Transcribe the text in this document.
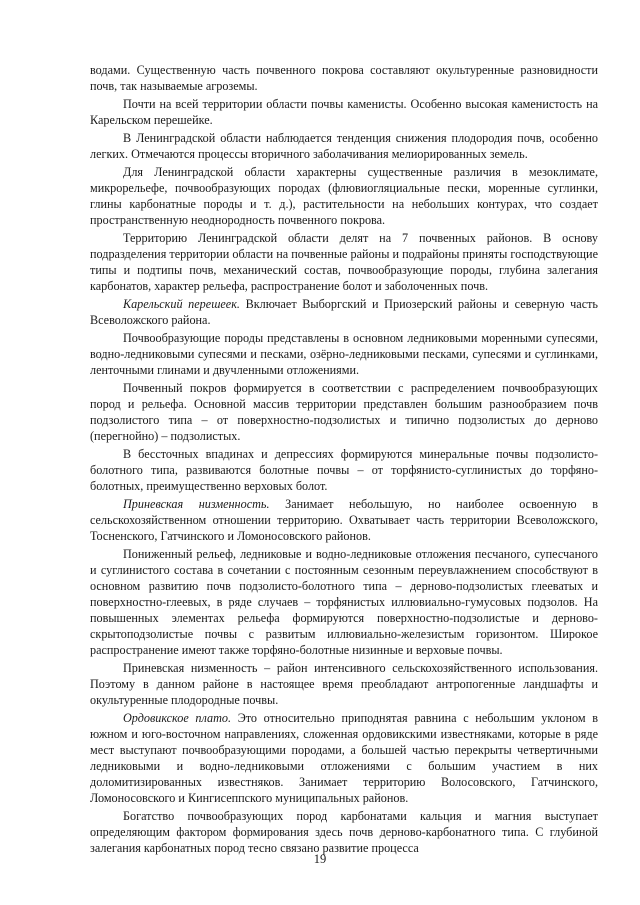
водами. Существенную часть почвенного покрова составляют окультуренные разновидности почв, так называемые агроземы.

Почти на всей территории области почвы каменисты. Особенно высокая каменистость на Карельском перешейке.

В Ленинградской области наблюдается тенденция снижения плодородия почв, особенно легких. Отмечаются процессы вторичного заболачивания мелиорированных земель.

Для Ленинградской области характерны существенные различия в мезоклимате, микрорельефе, почвообразующих породах (флювиогляциальные пески, моренные суглинки, глины карбонатные породы и т. д.), растительности на небольших контурах, что создает пространственную неоднородность почвенного покрова.

Территорию Ленинградской области делят на 7 почвенных районов. В основу подразделения территории области на почвенные районы и подрайоны приняты господствующие типы и подтипы почв, механический состав, почвообразующие породы, глубина залегания карбонатов, характер рельефа, распространение болот и заболоченных почв.

Карельский перешеек. Включает Выборгский и Приозерский районы и северную часть Всеволожского района.

Почвообразующие породы представлены в основном ледниковыми моренными супесями, водно-ледниковыми супесями и песками, озёрно-ледниковыми песками, супесями и суглинками, ленточными глинами и двучленными отложениями.

Почвенный покров формируется в соответствии с распределением почвообразующих пород и рельефа. Основной массив территории представлен большим разнообразием почв подзолистого типа – от поверхностно-подзолистых и типично подзолистых до дерново (перегнойно) – подзолистых.

В бессточных впадинах и депрессиях формируются минеральные почвы подзолисто-болотного типа, развиваются болотные почвы – от торфянисто-суглинистых до торфяно-болотных, преимущественно верховых болот.

Приневская низменность. Занимает небольшую, но наиболее освоенную в сельскохозяйственном отношении территорию. Охватывает часть территории Всеволожского, Тосненского, Гатчинского и Ломоносовского районов.

Пониженный рельеф, ледниковые и водно-ледниковые отложения песчаного, супесчаного и суглинистого состава в сочетании с постоянным сезонным переувлажнением способствуют в основном развитию почв подзолисто-болотного типа – дерново-подзолистых глееватых и поверхностно-глеевых, в ряде случаев – торфянистых иллювиально-гумусовых подзолов. На повышенных элементах рельефа формируются поверхностно-подзолистые и дерново-скрытоподзолистые почвы с развитым иллювиально-железистым горизонтом. Широкое распространение имеют также торфяно-болотные низинные и верховые почвы.

Приневская низменность – район интенсивного сельскохозяйственного использования. Поэтому в данном районе в настоящее время преобладают антропогенные ландшафты и окультуренные плодородные почвы.

Ордовикское плато. Это относительно приподнятая равнина с небольшим уклоном в южном и юго-восточном направлениях, сложенная ордовикскими известняками, которые в ряде мест выступают почвообразующими породами, а большей частью перекрыты четвертичными ледниковыми и водно-ледниковыми отложениями с большим участием в них доломитизированных известняков. Занимает территорию Волосовского, Гатчинского, Ломоносовского и Кингисеппского муниципальных районов.

Богатство почвообразующих пород карбонатами кальция и магния выступает определяющим фактором формирования здесь почв дерново-карбонатного типа. С глубиной залегания карбонатных пород тесно связано развитие процесса

19
